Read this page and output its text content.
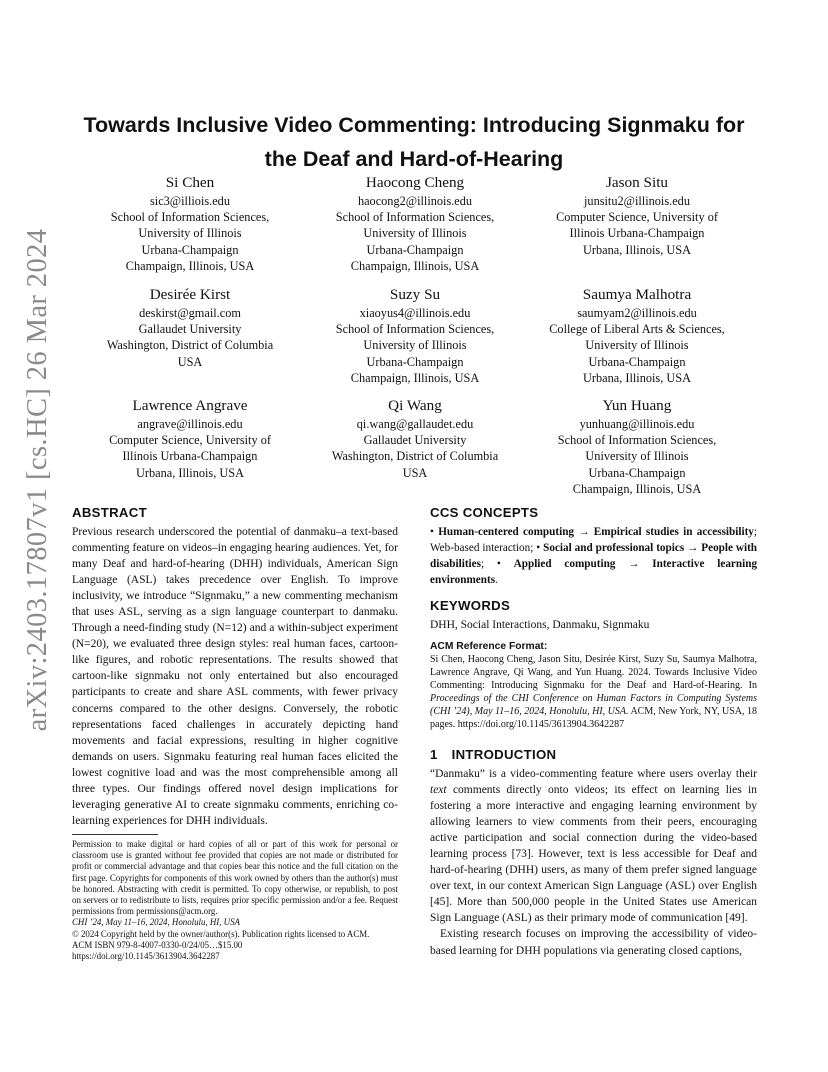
Towards Inclusive Video Commenting: Introducing Signmaku for
the Deaf and Hard-of-Hearing
arXiv:2403.17807v1 [cs.HC] 26 Mar 2024
Si Chen
sic3@illiois.edu
School of Information Sciences,
University of Illinois
Urbana-Champaign
Champaign, Illinois, USA
Haocong Cheng
haocong2@illinois.edu
School of Information Sciences,
University of Illinois
Urbana-Champaign
Champaign, Illinois, USA
Jason Situ
junsitu2@illinois.edu
Computer Science, University of
Illinois Urbana-Champaign
Urbana, Illinois, USA
Desirée Kirst
deskirst@gmail.com
Gallaudet University
Washington, District of Columbia
USA
Suzy Su
xiaoyus4@illinois.edu
School of Information Sciences,
University of Illinois
Urbana-Champaign
Champaign, Illinois, USA
Saumya Malhotra
saumyam2@illinois.edu
College of Liberal Arts & Sciences,
University of Illinois
Urbana-Champaign
Urbana, Illinois, USA
Lawrence Angrave
angrave@illinois.edu
Computer Science, University of
Illinois Urbana-Champaign
Urbana, Illinois, USA
Qi Wang
qi.wang@gallaudet.edu
Gallaudet University
Washington, District of Columbia
USA
Yun Huang
yunhuang@illinois.edu
School of Information Sciences,
University of Illinois
Urbana-Champaign
Champaign, Illinois, USA
ABSTRACT

Previous research underscored the potential of danmaku–a text-based commenting feature on videos–in engaging hearing audiences. Yet, for many Deaf and hard-of-hearing (DHH) individuals, American Sign Language (ASL) takes precedence over English. To improve inclusivity, we introduce “Signmaku,” a new commenting mechanism that uses ASL, serving as a sign language counterpart to danmaku. Through a need-finding study (N=12) and a within-subject experiment (N=20), we evaluated three design styles: real human faces, cartoon-like figures, and robotic representations. The results showed that cartoon-like signmaku not only entertained but also encouraged participants to create and share ASL comments, with fewer privacy concerns compared to the other designs. Conversely, the robotic representations faced challenges in accurately depicting hand movements and facial expressions, resulting in higher cognitive demands on users. Signmaku featuring real human faces elicited the lowest cognitive load and was the most comprehensible among all three types. Our findings offered novel design implications for leveraging generative AI to create signmaku comments, enriching co-learning experiences for DHH individuals.

Permission to make digital or hard copies of all or part of this work for personal or classroom use is granted without fee provided that copies are not made or distributed for profit or commercial advantage and that copies bear this notice and the full citation on the first page. Copyrights for components of this work owned by others than the author(s) must be honored. Abstracting with credit is permitted. To copy otherwise, or republish, to post on servers or to redistribute to lists, requires prior specific permission and/or a fee. Request permissions from permissions@acm.org.

CHI ’24, May 11–16, 2024, Honolulu, HI, USA

© 2024 Copyright held by the owner/author(s). Publication rights licensed to ACM.

ACM ISBN 979-8-4007-0330-0/24/05…$15.00

https://doi.org/10.1145/3613904.3642287

CCS CONCEPTS

• Human-centered computing → Empirical studies in accessibility; Web-based interaction; • Social and professional topics → People with disabilities; • Applied computing → Interactive learning environments.

KEYWORDS

DHH, Social Interactions, Danmaku, Signmaku

ACM Reference Format:

Si Chen, Haocong Cheng, Jason Situ, Desirée Kirst, Suzy Su, Saumya Malhotra, Lawrence Angrave, Qi Wang, and Yun Huang. 2024. Towards Inclusive Video Commenting: Introducing Signmaku for the Deaf and Hard-of-Hearing. In Proceedings of the CHI Conference on Human Factors in Computing Systems (CHI ’24), May 11–16, 2024, Honolulu, HI, USA. ACM, New York, NY, USA, 18 pages. https://doi.org/10.1145/3613904.3642287

1 INTRODUCTION

“Danmaku” is a video-commenting feature where users overlay their text comments directly onto videos; its effect on learning lies in fostering a more interactive and engaging learning environment by allowing learners to view comments from their peers, encouraging active participation and social connection during the video-based learning process [73]. However, text is less accessible for Deaf and hard-of-hearing (DHH) users, as many of them prefer signed language over text, in our context American Sign Language (ASL) over English [45]. More than 500,000 people in the United States use American Sign Language (ASL) as their primary mode of communication [49].

Existing research focuses on improving the accessibility of video-based learning for DHH populations via generating closed captions,
